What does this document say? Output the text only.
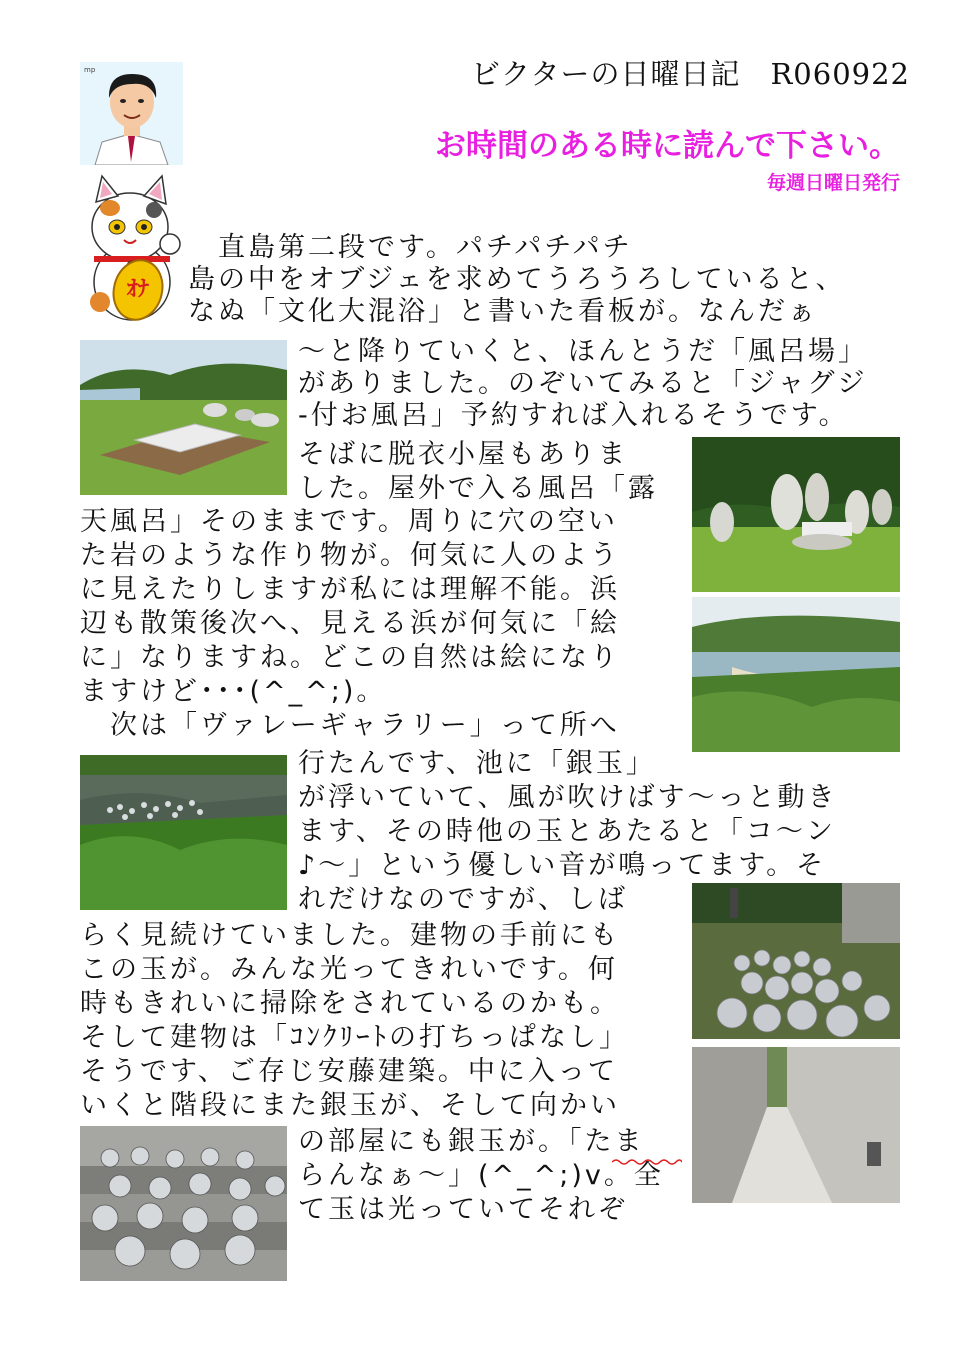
mp
ｵﾅ
ビクターの日曜日記　R060922
お時間のある時に読んで下さい。
毎週日曜日発行
　直島第二段です。パチパチパチ
島の中をオブジェを求めてうろうろしていると、
なぬ「文化大混浴」と書いた看板が。なんだぁ
～と降りていくと、ほんとうだ「風呂場」
がありました。のぞいてみると「ジャグジ
-付お風呂」予約すれば入れるそうです。
そばに脱衣小屋もありま
した。屋外で入る風呂「露
天風呂」そのままです。周りに穴の空い
た岩のような作り物が。何気に人のよう
に見えたりしますが私には理解不能。浜
辺も散策後次へ、見える浜が何気に「絵
に」なりますね。どこの自然は絵になり
ますけど･･･(^_^;)。
　次は「ヴァレーギャラリー」って所へ
行たんです、池に「銀玉」
が浮いていて、風が吹けばす～っと動き
ます、その時他の玉とあたると「コ～ン
♪～」という優しい音が鳴ってます。そ
れだけなのですが、しば
らく見続けていました。建物の手前にも
この玉が。みんな光ってきれいです。何
時もきれいに掃除をされているのかも。
そして建物は「ｺﾝｸﾘｰﾄの打ちっぱなし」
そうです、ご存じ安藤建築。中に入って
いくと階段にまた銀玉が、そして向かい
の部屋にも銀玉が。「たま
らんなぁ～」(^_^;)v。全
て玉は光っていてそれぞ
